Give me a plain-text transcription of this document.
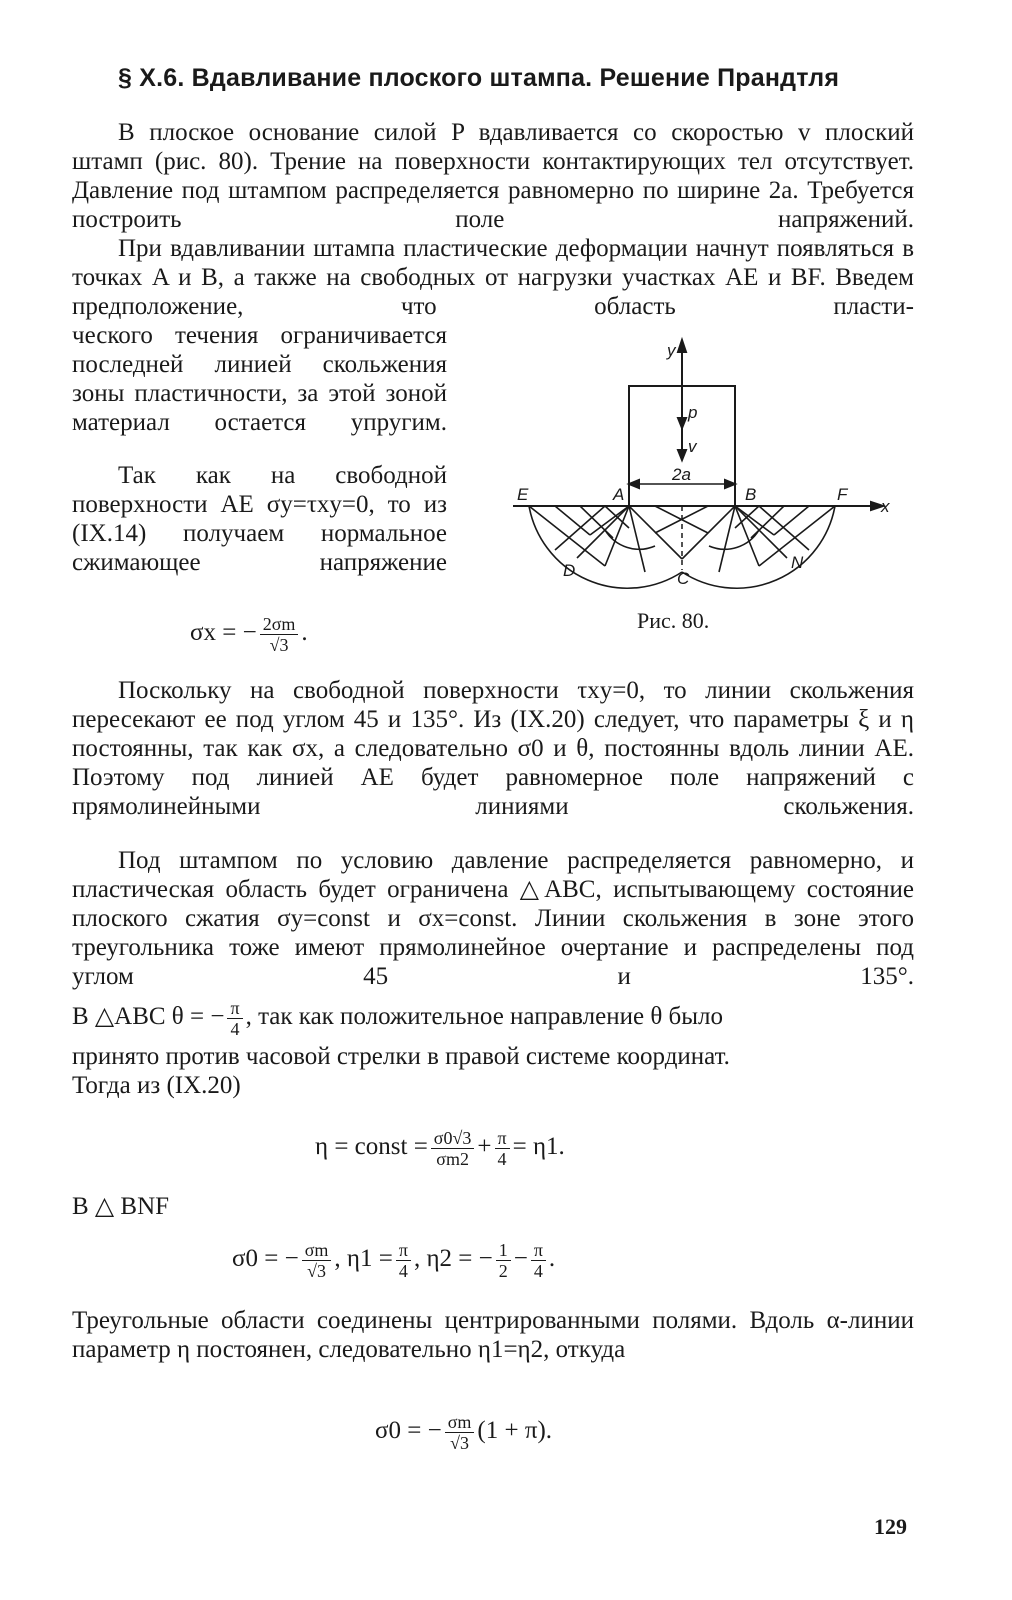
§ X.6. Вдавливание плоского штампа. Решение Прандтля

В плоское основание силой P вдавливается со скоростью v плоский штамп (рис. 80). Трение на поверхности контактирующих тел отсутствует. Давление под штампом распределяется равномерно по ширине 2a. Требуется построить поле напряжений.

При вдавливании штампа пластические деформации начнут появляться в точках A и B, а также на свободных от нагрузки участках AE и BF. Введем предположение, что область пласти-

ческого течения ограничивается последней линией скольжения зоны пластичности, за этой зоной материал остается упругим.

Так как на свободной поверхности AE σy=τxy=0, то из (IX.14) получаем нормальное сжимающее напряжение

σx = − $\frac{2\sigma m}{√3}$ .
y
p
v
2a
E	A	B	F
x
D	C
N
Рис. 80.

Поскольку на свободной поверхности τxy=0, то линии скольжения пересекают ее под углом 45 и 135°. Из (IX.20) следует, что параметры ξ и η постоянны, так как σx, а следовательно σ0 и θ, постоянны вдоль линии AE. Поэтому под линией AE будет равномерное поле напряжений с прямолинейными линиями скольжения.

Под штампом по условию давление распределяется равномерно, и пластическая область будет ограничена △ABC, испытывающему состояние плоского сжатия σy=const и σx=const. Линии скольжения в зоне этого треугольника тоже имеют прямолинейное очертание и распределены под углом 45 и 135°.

В △ABC θ = − $\frac{\pi}{4}$ , так как положительное направление θ было
принято против часовой стрелки в правой системе координат.
Тогда из (IX.20)
η = const = $\frac{\sigma 0√3}{\sigma m2} + \frac{\pi}{4} = \eta 1$.
В △ BNF
σ0 = − $\frac{\sigma m}{√3}$ , $\eta 1 = \frac{\pi}{4}$ , η2 = − $\frac{1}{2} - \frac{\pi}{4}$ .

Треугольные области соединены центрированными полями. Вдоль α-линии параметр η постоянен, следовательно η1=η2, откуда

σ0 = − $\frac{\sigma m}{√3} (1 + \pi)$.
129
